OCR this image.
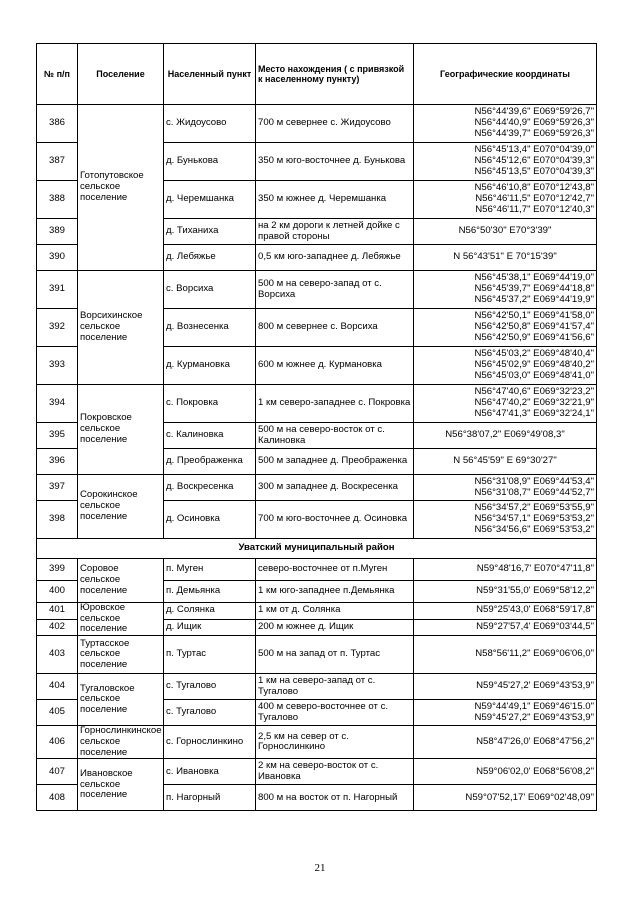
№ п/п	Поселение	Населенный пункт	Место нахождения ( с привязкой к населенному пункту)	Географические координаты
386	Готопутовское сельское поселение	с. Жидоусово	700 м севернее с. Жидоусово	N56°44'39,6" E069°59'26,7"
N56°44'40,9" E069°59'26,3"
N56°44'39,7" E069°59'26,3"

387		д. Бунькова	350 м юго-восточнее д. Бунькова	N56°45'13,4" E070°04'39,0"
N56°45'12,6" E070°04'39,3"
N56°45'13,5" E070°04'39,3"

388		д. Черемшанка	350 м южнее д. Черемшанка	N56°46'10,8" E070°12'43,8"
N56°46'11,5" E070°12'42,7"
N56°46'11,7" E070°12'40,3"

389		д. Тиханиха	на 2 км дороги к летней дойке с правой стороны	N56°50'30" E70°3'39"

390		д. Лебяжье	0,5 км юго-западнее д. Лебяжье	N 56°43'51" E 70°15'39"

391	Ворсихинское сельское поселение	с. Ворсиха	500 м на северо-запад от с. Ворсиха	N56°45'38,1" E069°44'19,0"
N56°45'39,7" E069°44'18,8"
N56°45'37,2" E069°44'19,9"

392		д. Вознесенка	800 м севернее с. Ворсиха	N56°42'50,1" E069°41'58,0"
N56°42'50,8" E069°41'57,4"
N56°42'50,9" E069°41'56,6"

393		д. Курмановка	600 м южнее д. Курмановка	N56°45'03,2" E069°48'40,4"
N56°45'02,9" E069°48'40,2"
N56°45'03,0" E069°48'41,0"

394	Покровское сельское поселение	с. Покровка	1 км северо-западнее с. Покровка	N56°47'40,6" E069°32'23,2"
N56°47'40,2" E069°32'21,9"
N56°47'41,3" E069°32'24,1"

395		с. Калиновка	500 м на северо-восток от с. Калиновка	N56°38'07,2" E069°49'08,3"

396		д. Преображенка	500 м западнее д. Преображенка	N 56°45'59" E 69°30'27"

397	Сорокинское сельское поселение	д. Воскресенка	300 м западнее д. Воскресенка	N56°31'08,9" E069°44'53,4"
N56°31'08,7" E069°44'52,7"

398		д. Осиновка	700 м юго-восточнее д. Осиновка	N56°34'57,2" E069°53'55,9"
N56°34'57,1" E069°53'53,2"
N56°34'56,6" E069°53'53,2"

Уватский муниципальный район				
399	Соровое сельское поселение	п. Муген	северо-восточнее от п.Муген	N59°48'16,7' E070°47'11,8"

400		п. Демьянка	1 км юго-западнее п.Демьянка	N59°31'55,0' E069°58'12,2"

401	Юровское сельское поселение	д. Солянка	1 км от д. Солянка	N59°25'43,0' E068°59'17,8"

402		д. Ищик	200 м южнее д. Ищик	N59°27'57,4' E069°03'44,5"

403	Туртасское сельское поселение	п. Туртас	500 м на запад от п. Туртас	N58°56'11,2" E069°06'06,0"

404	Тугаловское сельское поселение	с. Тугалово	1 км на северо-запад от с. Тугалово	N59°45'27,2' E069°43'53,9"

405		с. Тугалово	400 м северо-восточнее от с. Тугалово	N59°44'49,1" E069°46'15.0"
N59°45'27,2" E069°43'53,9"

406	Горнослинкинское сельское поселение	с. Горнослинкино	2,5 км на север от с. Горнослинкино	N58°47'26,0' E068°47'56,2"

407	Ивановское сельское поселение	с. Ивановка	2 км на северо-восток от с. Ивановка	N59°06'02,0' E068°56'08,2"

408		п. Нагорный	800 м на восток от п. Нагорный	N59°07'52,17' E069°02'48,09"
21
